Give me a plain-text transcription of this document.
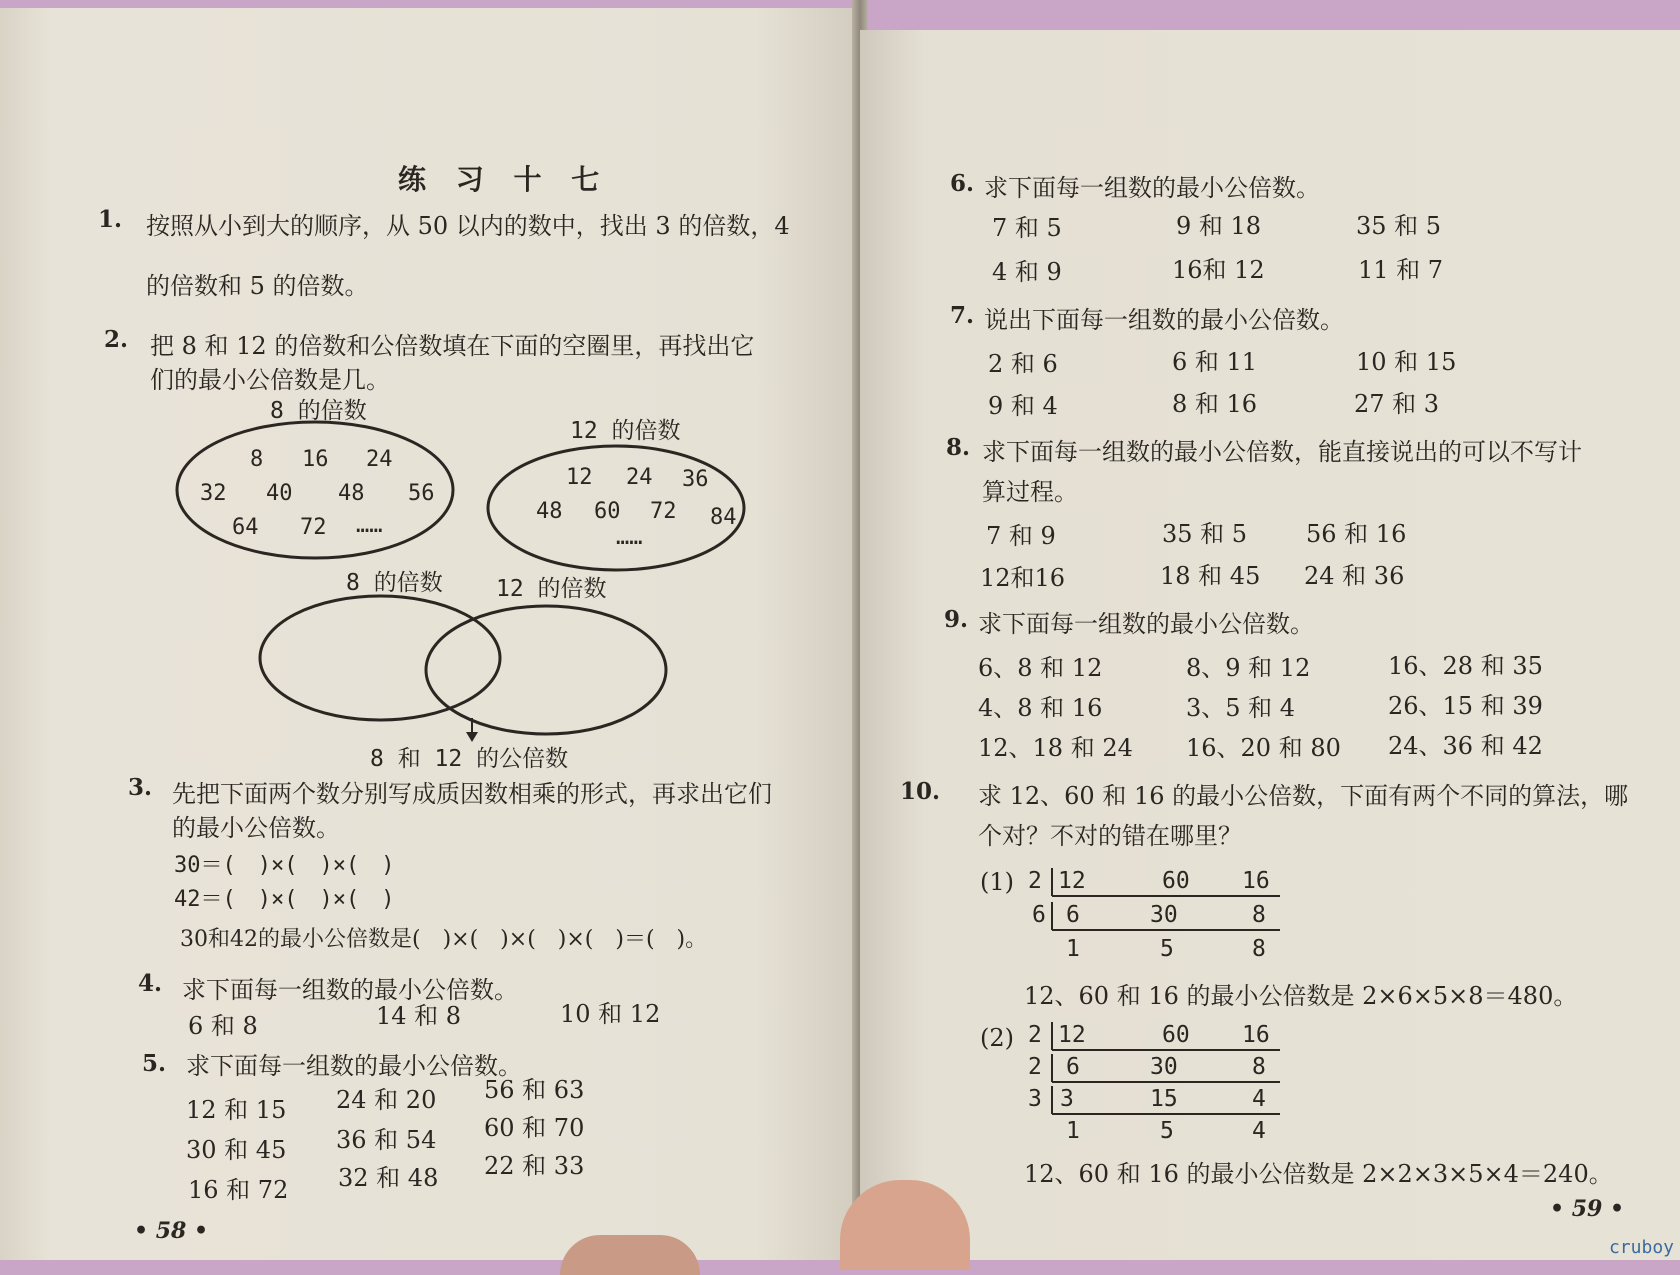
练 习 十 七
1. 按照从小到大的顺序，从 50 以内的数中，找出 3 的倍数，4
的倍数和 5 的倍数。
2. 把 8 和 12 的倍数和公倍数填在下面的空圈里，再找出它
们的最小公倍数是几。
8 的倍数
12 的倍数
8 16 24
32 40 48 56
64 72 ……
12 24 36
48 60 72 84
……
8 的倍数 12 的倍数
8 和 12 的公倍数
3. 先把下面两个数分别写成质因数相乘的形式，再求出它们
的最小公倍数。
30＝(　)×(　)×(　)
42＝(　)×(　)×(　)
30和42的最小公倍数是(　)×(　)×(　)×(　)＝(　)。
4. 求下面每一组数的最小公倍数。
6 和 8	14 和 8	10 和 12
5. 求下面每一组数的最小公倍数。
12 和 15 24 和 20 56 和 63
30 和 45 36 和 54 60 和 70
16 和 72 32 和 48 22 和 33
• 58 •
6. 求下面每一组数的最小公倍数。
7 和 5	9 和 18	35 和 5
4 和 9	16和 12	11 和 7
7. 说出下面每一组数的最小公倍数。
2 和 6	6 和 11	10 和 15
9 和 4	8 和 16	27 和 3
8. 求下面每一组数的最小公倍数，能直接说出的可以不写计
算过程。
7 和 9	35 和 5 56 和 16
12和16	18 和 45 24 和 36
9. 求下面每一组数的最小公倍数。
6、8 和 12	8、9 和 12	16、28 和 35
4、8 和 16	3、5 和 4	26、15 和 39
12、18 和 24 16、20 和 80 24、36 和 42
10. 求 12、60 和 16 的最小公倍数，下面有两个不同的算法，哪
个对？不对的错在哪里？
(1) 2 12	60 16
6 6	30	8
1	5	8
12、60 和 16 的最小公倍数是 2×6×5×8＝480。
(2) 2 12	60 16
2 6	30	8
3 3	15	4
1	5	4
12、60 和 16 的最小公倍数是 2×2×3×5×4＝240。
• 59 •
cruboy
